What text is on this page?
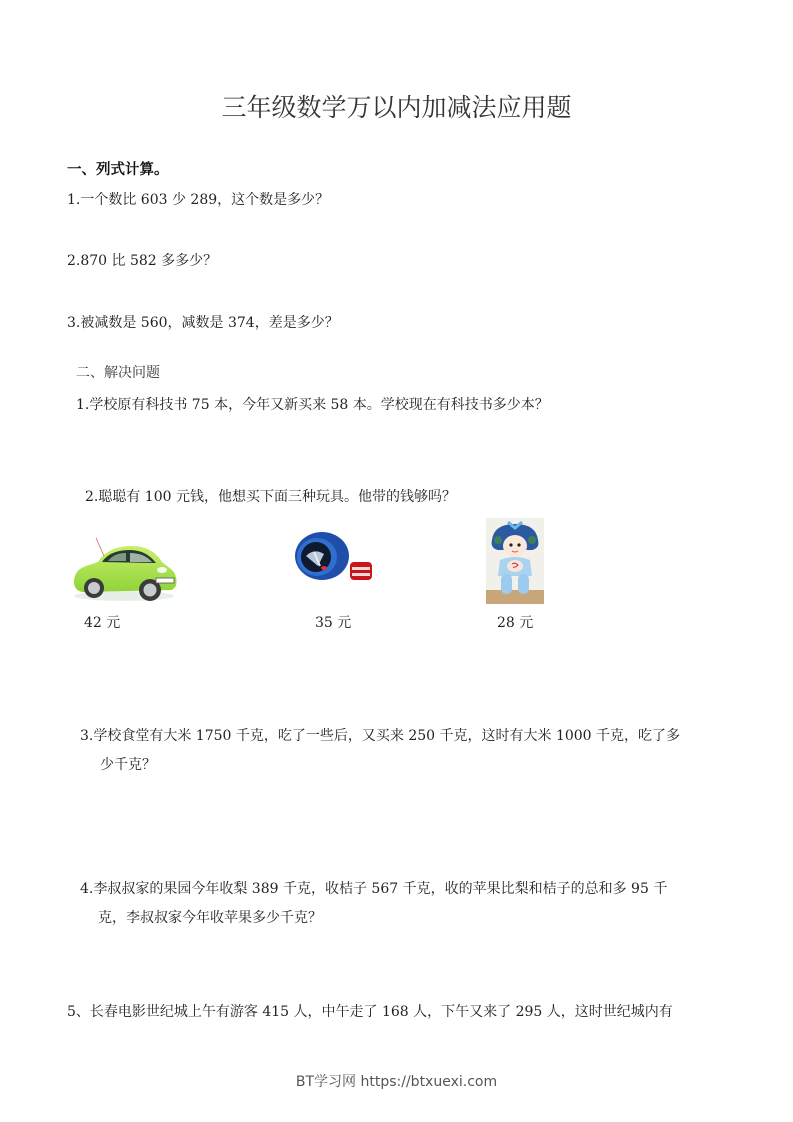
三年级数学万以内加减法应用题
一、列式计算。
1.一个数比 603 少 289，这个数是多少？
2.870 比 582 多多少？
3.被减数是 560，减数是 374，差是多少？
二、解决问题
1.学校原有科技书 75 本，今年又新买来 58 本。学校现在有科技书多少本？
2.聪聪有 100 元钱，他想买下面三种玩具。他带的钱够吗？
42 元	35 元	28 元
3.学校食堂有大米 1750 千克，吃了一些后，又买来 250 千克，这时有大米 1000 千克，吃了多
少千克？
4.李叔叔家的果园今年收梨 389 千克，收桔子 567 千克，收的苹果比梨和桔子的总和多 95 千
克，李叔叔家今年收苹果多少千克？
5、长春电影世纪城上午有游客 415 人，中午走了 168 人，下午又来了 295 人，这时世纪城内有
BT学习网 https://btxuexi.com
